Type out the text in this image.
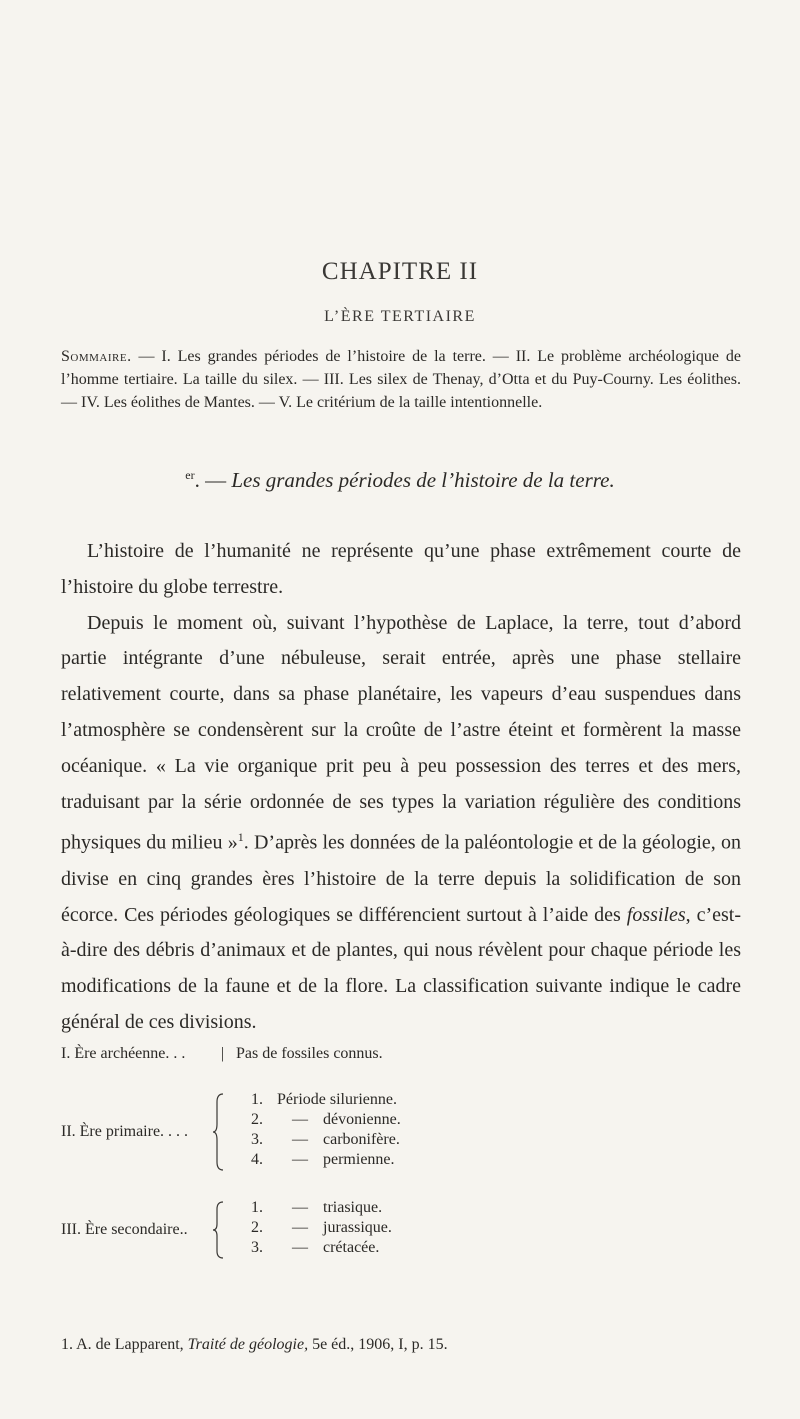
CHAPITRE II
L’ÈRE TERTIAIRE
Sommaire. — I. Les grandes périodes de l’histoire de la terre. — II. Le problème archéologique de l’homme tertiaire. La taille du silex. — III. Les silex de Thenay, d’Otta et du Puy-Courny. Les éolithes. — IV. Les éolithes de Mantes. — V. Le critérium de la taille intentionnelle.
$^{er}$. — Les grandes périodes de l’histoire de la terre.

L’histoire de l’humanité ne représente qu’une phase extrêmement courte de l’histoire du globe terrestre.

Depuis le moment où, suivant l’hypothèse de Laplace, la terre, tout d’abord partie intégrante d’une nébuleuse, serait entrée, après une phase stellaire relativement courte, dans sa phase planétaire, les vapeurs d’eau suspendues dans l’atmosphère se condensèrent sur la croûte de l’astre éteint et formèrent la masse océanique. « La vie organique prit peu à peu possession des terres et des mers, traduisant par la série ordonnée de ses types la variation régulière des conditions physiques du milieu »$^1$. D’après les données de la paléontologie et de la géologie, on divise en cinq grandes ères l’histoire de la terre depuis la solidification de son écorce. Ces périodes géologiques se différencient surtout à l’aide des fossiles, c’est-à-dire des débris d’animaux et de plantes, qui nous révèlent pour chaque période les modifications de la faune et de la flore. La classification suivante indique le cadre général de ces divisions.

I. Ère archéenne. . . | Pas de fossiles connus.
II. Ère primaire. . . .
1. Période silurienne.
2. — dévonienne.
3. — carbonifère.
4. — permienne.
III. Ère secondaire..
1. — triasique.
2. — jurassique.
3. — crétacée.
1. A. de Lapparent, Traité de géologie, 5e éd., 1906, I, p. 15.
